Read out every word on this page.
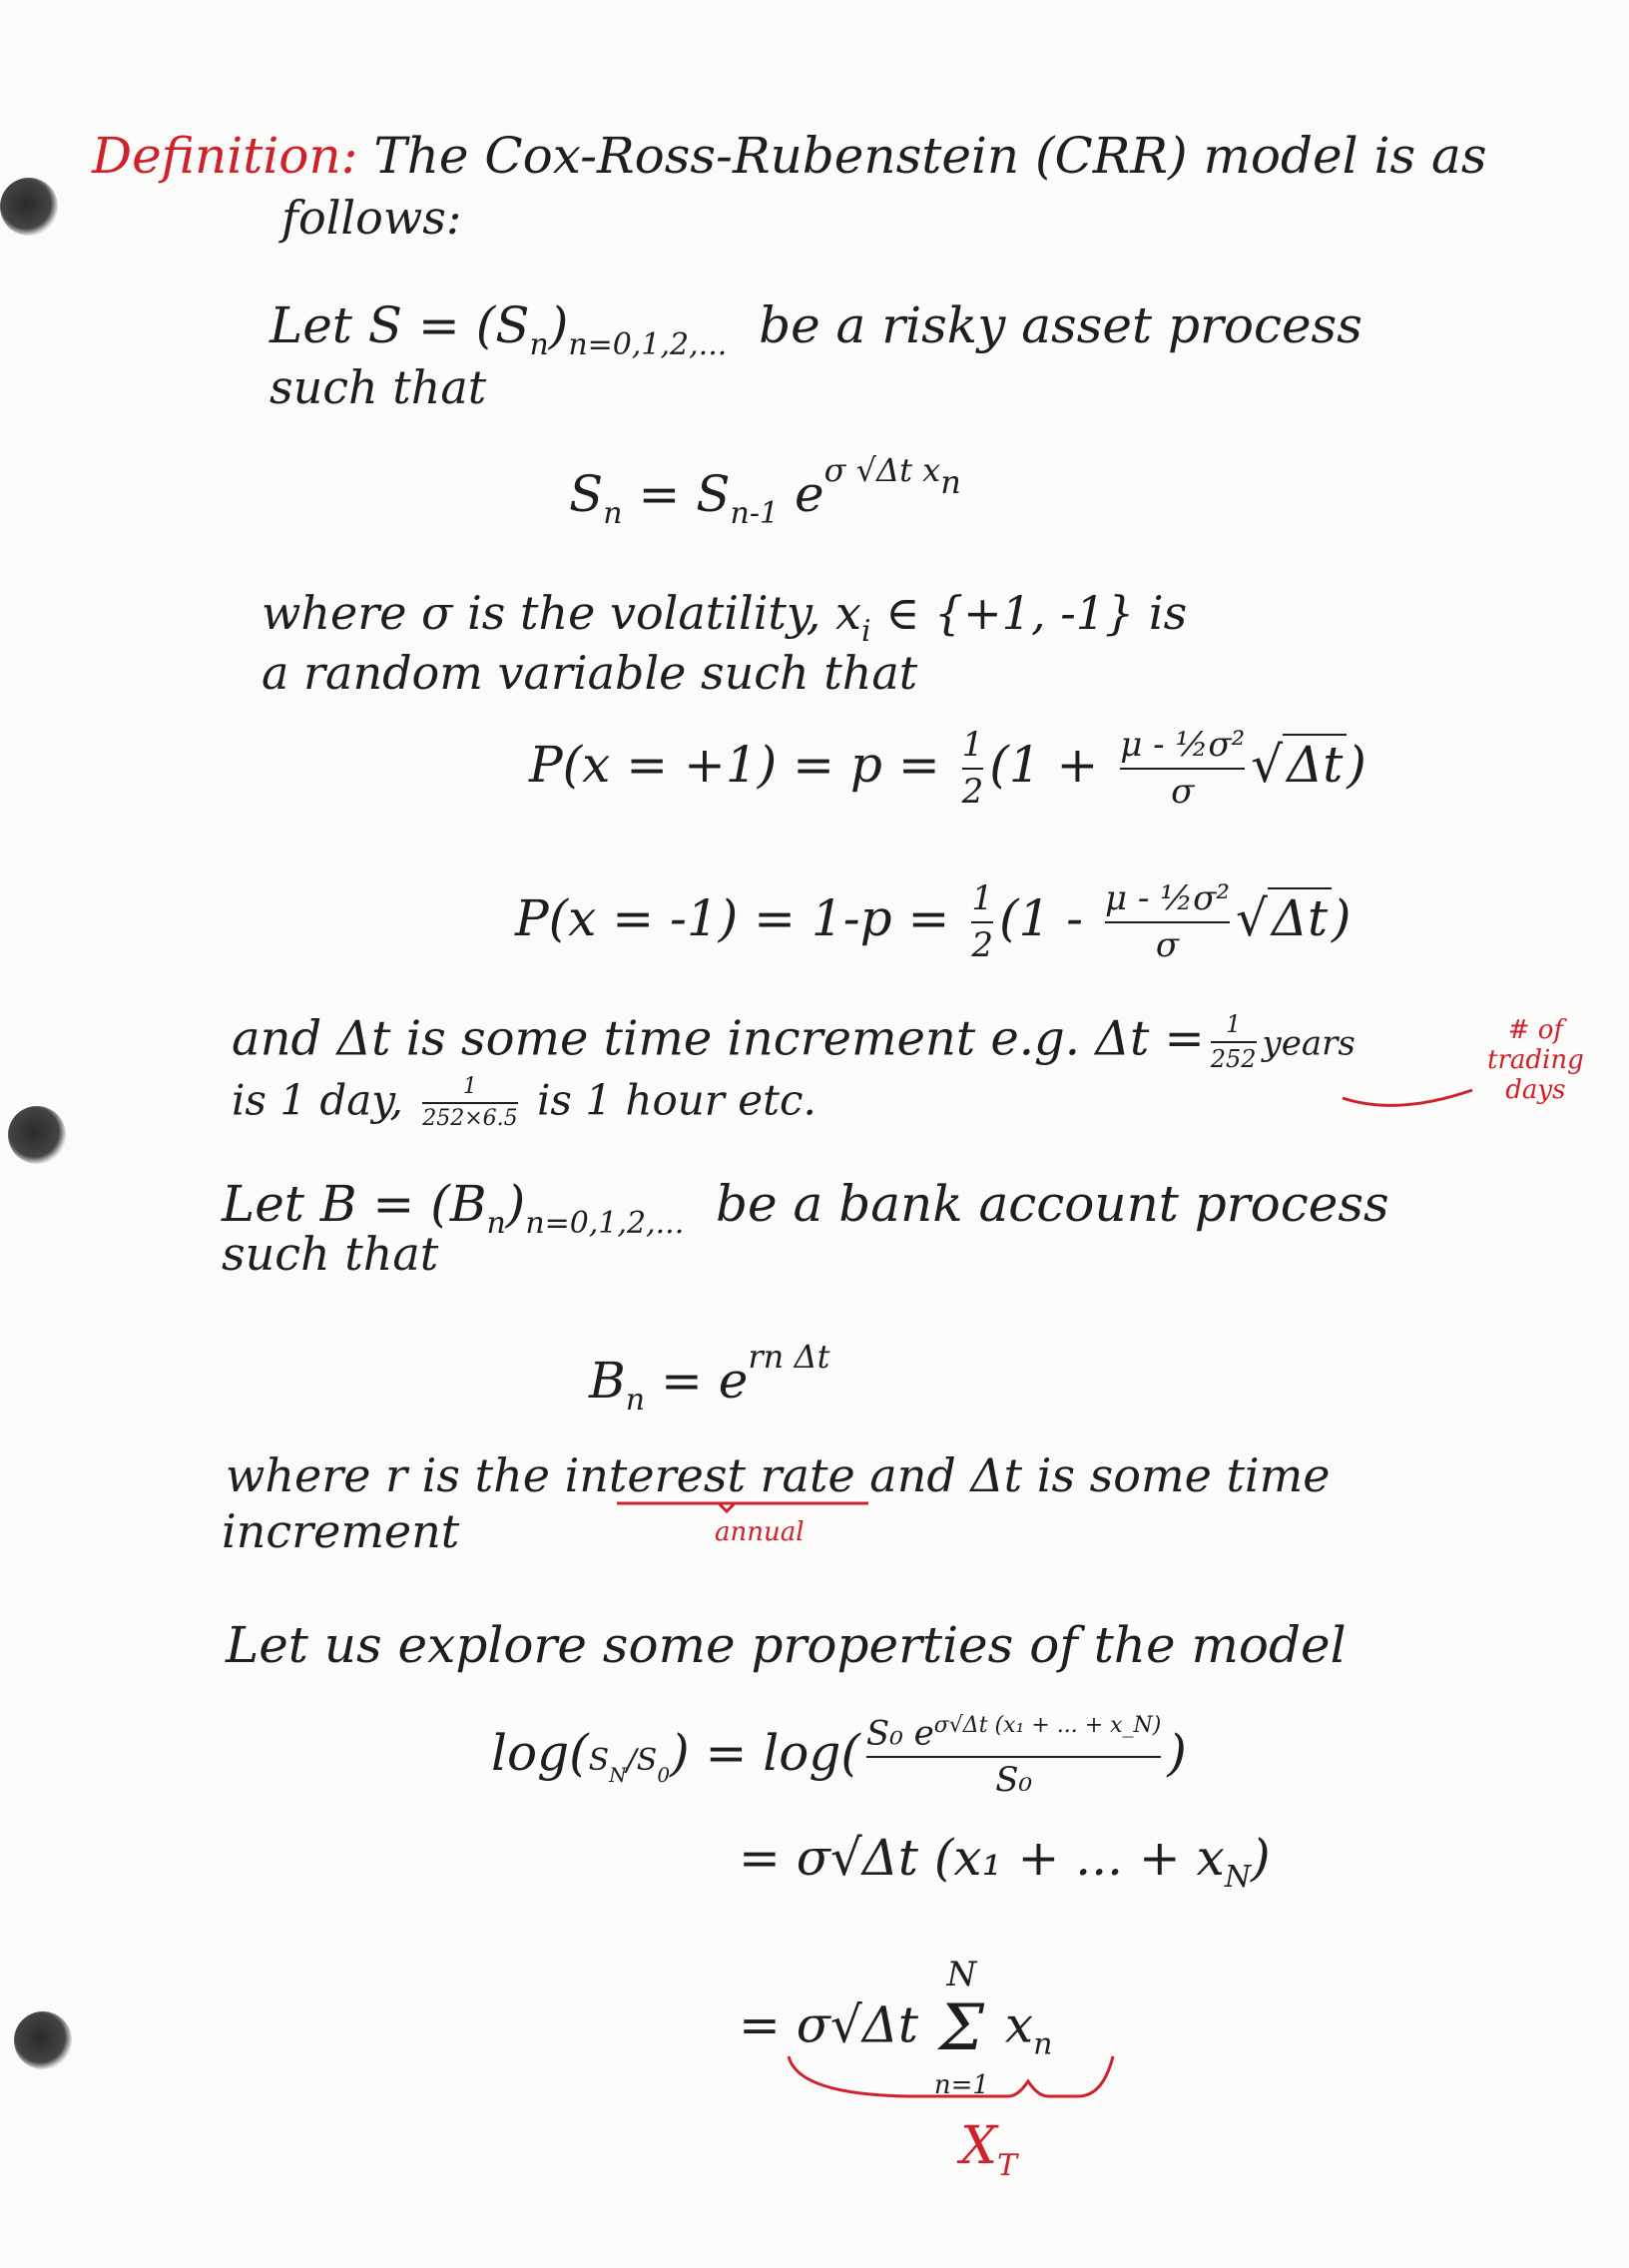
Definition: The Cox-Ross-Rubenstein (CRR) model is as
follows:
Let $S = (S_n)_{n=0,1,2,...}$ be a risky asset process
such that
$S_n = S_{n-1}$ $e^{\sigma √\Delta t xn}$
where σ is the volatility, $x_i$ ∈ {+1, -1} is
a random variable such that
$P(x = +1) = p = \frac{1}{2} (1 + \frac{\text{μ - ½σ²}}{\sigma} √\Delta t)$
$P(x = -1) = 1-p = \frac{1}{2} (1 - \frac{\text{μ - ½σ²}}{\sigma} √\Delta t)$
and Δt is some time increment e.g. $\Delta t = \frac{1}{252}$ years
is 1 day, $\frac{1}{252\times 6.5}$ is 1 hour etc.
# of
trading
days
Let $B = (B_n)_{n=0,1,2,...}$ be a bank account process
such that
$B_n = e^{rn \Delta t}$
where r is the interest rate and Δt is some time
increment	annual
Let us explore some properties of the model
$\log(S_N/S_0) = \log( \frac{S_0 e^{\sigma√\Delta t (x_1 + ... + x\_N)}}{\text{S₀}}$ )
= σ√Δt (x₁ + ... + $x_N$)
= σ√Δt N
Σ
n=1 $x_n$
$X_T$
